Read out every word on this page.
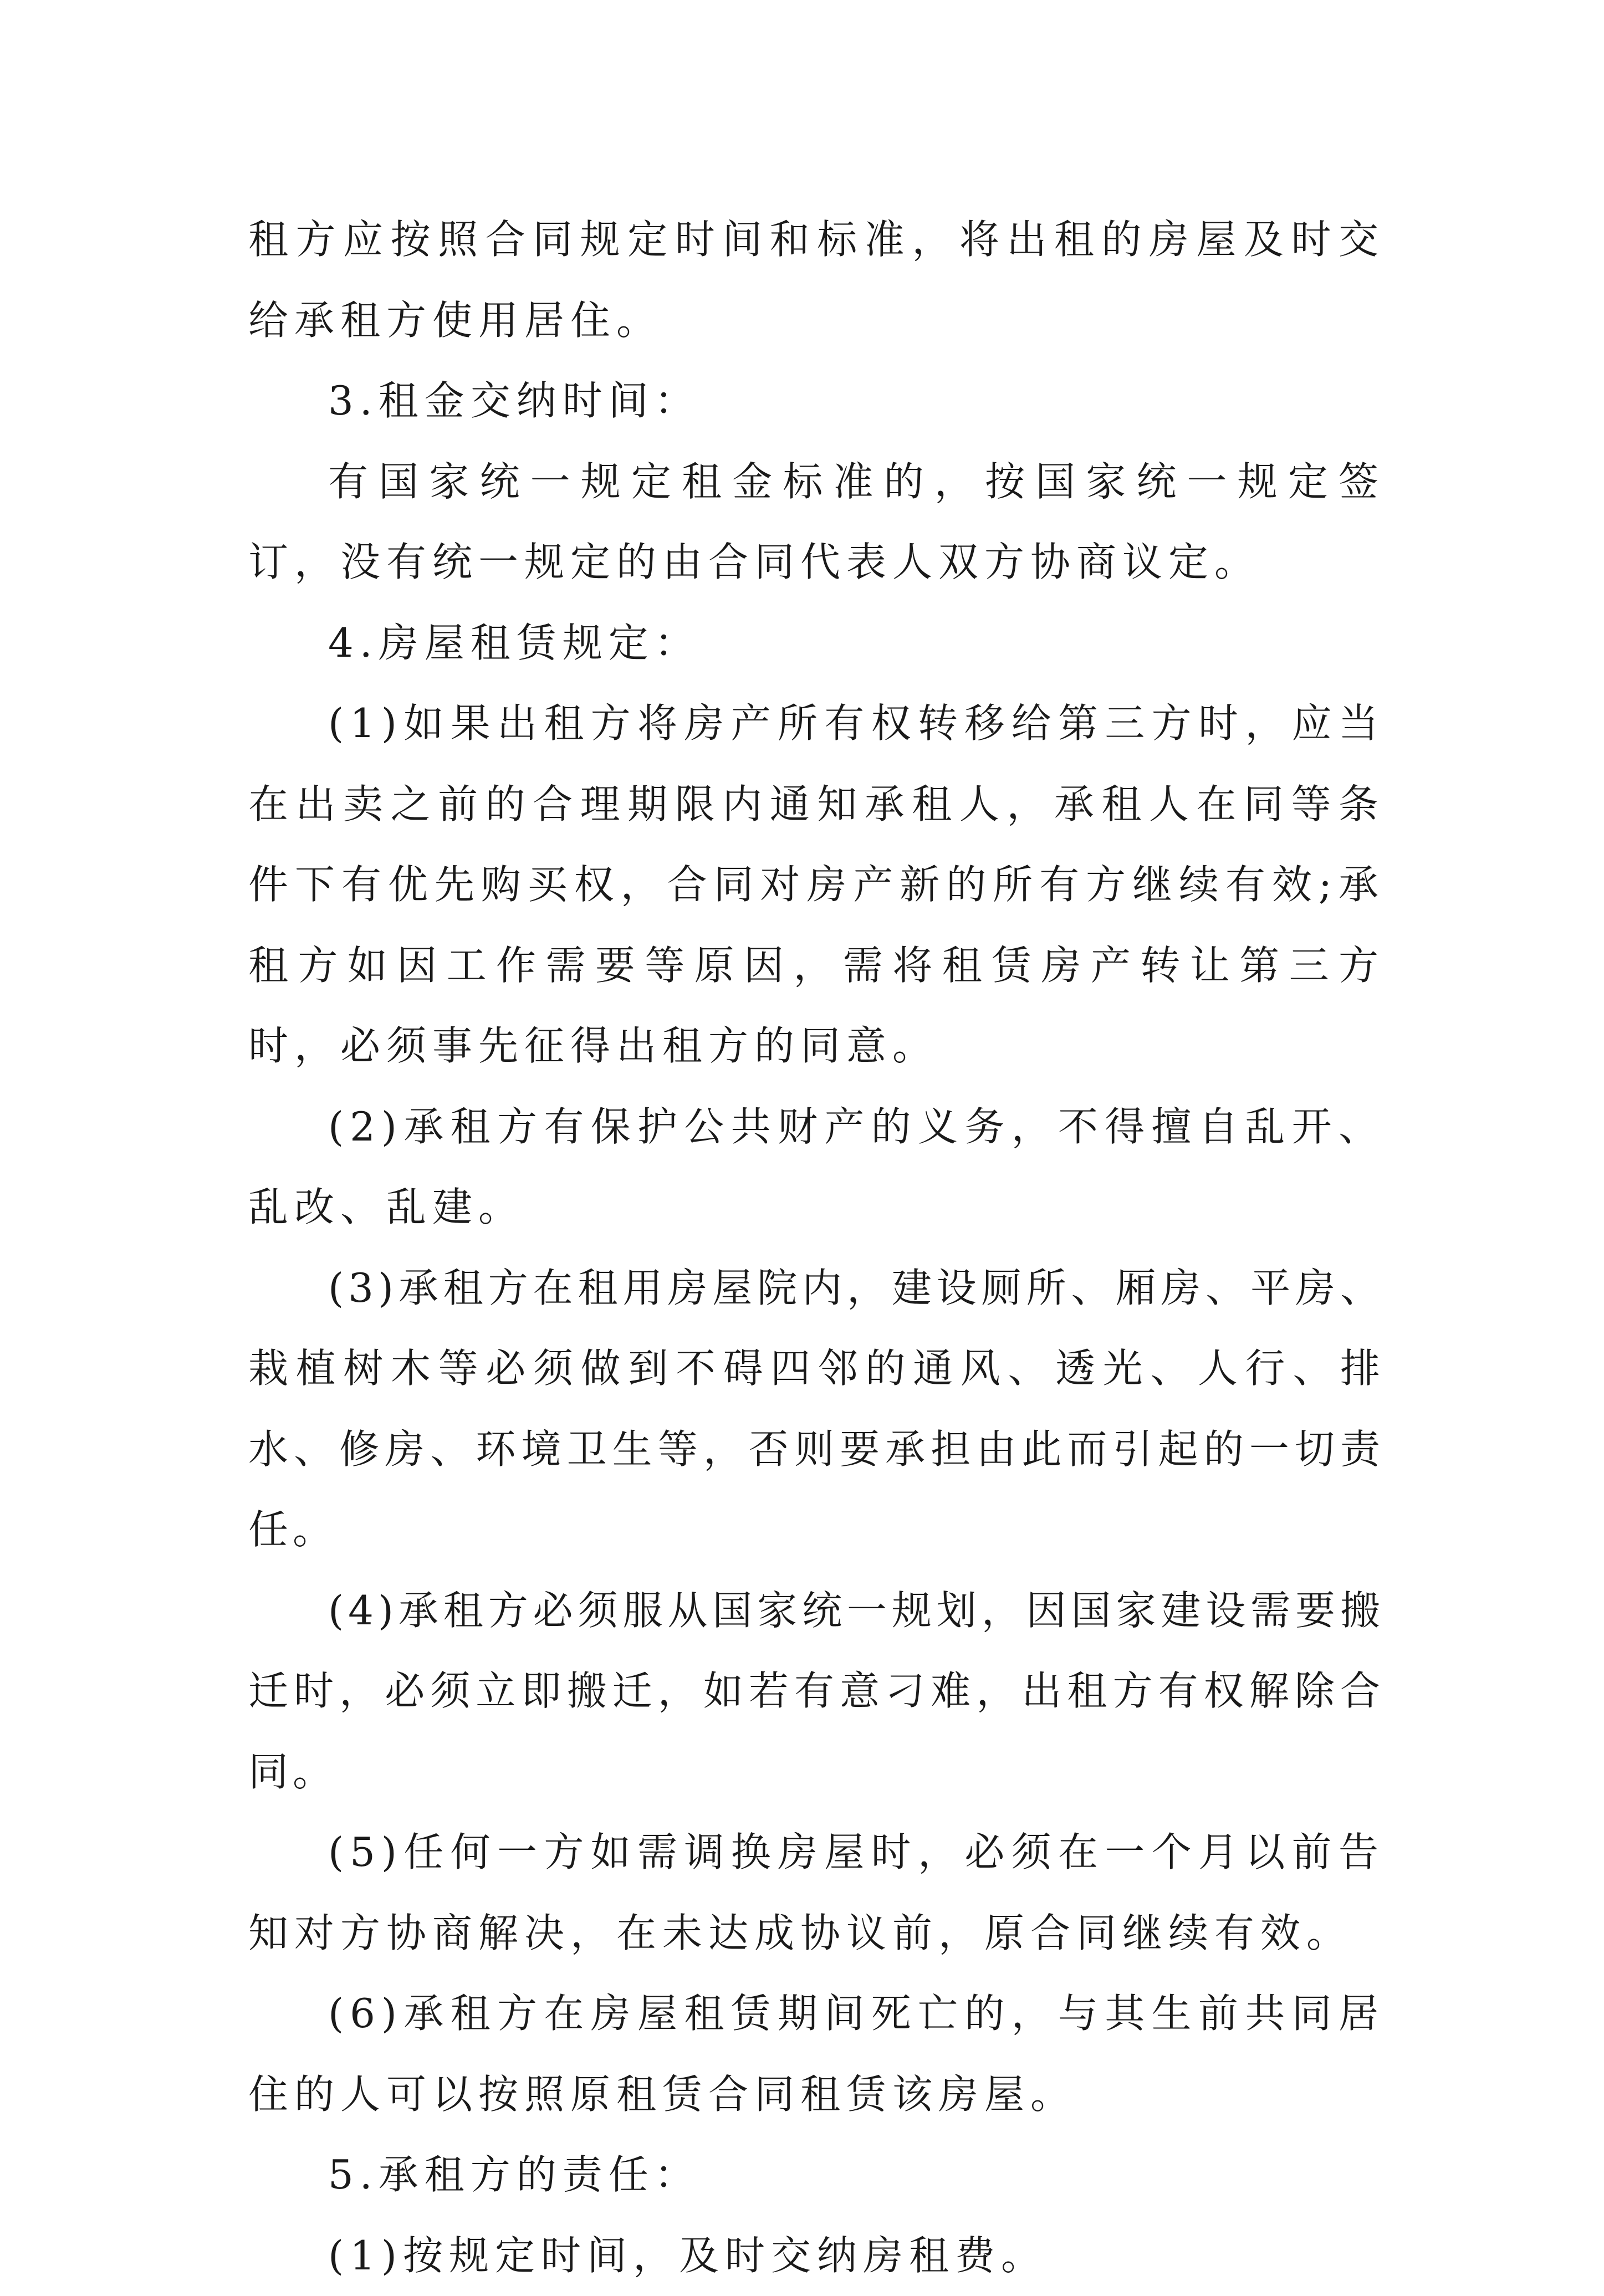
租方应按照合同规定时间和标准，将出租的房屋及时交给承租方使用居住。

3.租金交纳时间：

有国家统一规定租金标准的，按国家统一规定签订，没有统一规定的由合同代表人双方协商议定。

4.房屋租赁规定：

(1)如果出租方将房产所有权转移给第三方时，应当在出卖之前的合理期限内通知承租人，承租人在同等条件下有优先购买权，合同对房产新的所有方继续有效;承租方如因工作需要等原因，需将租赁房产转让第三方时，必须事先征得出租方的同意。

(2)承租方有保护公共财产的义务，不得擅自乱开、乱改、乱建。

(3)承租方在租用房屋院内，建设厕所、厢房、平房、栽植树木等必须做到不碍四邻的通风、透光、人行、排水、修房、环境卫生等，否则要承担由此而引起的一切责任。

(4)承租方必须服从国家统一规划，因国家建设需要搬迁时，必须立即搬迁，如若有意刁难，出租方有权解除合同。

(5)任何一方如需调换房屋时，必须在一个月以前告知对方协商解决，在未达成协议前，原合同继续有效。

(6)承租方在房屋租赁期间死亡的，与其生前共同居住的人可以按照原租赁合同租赁该房屋。

5.承租方的责任：

(1)按规定时间，及时交纳房租费。
